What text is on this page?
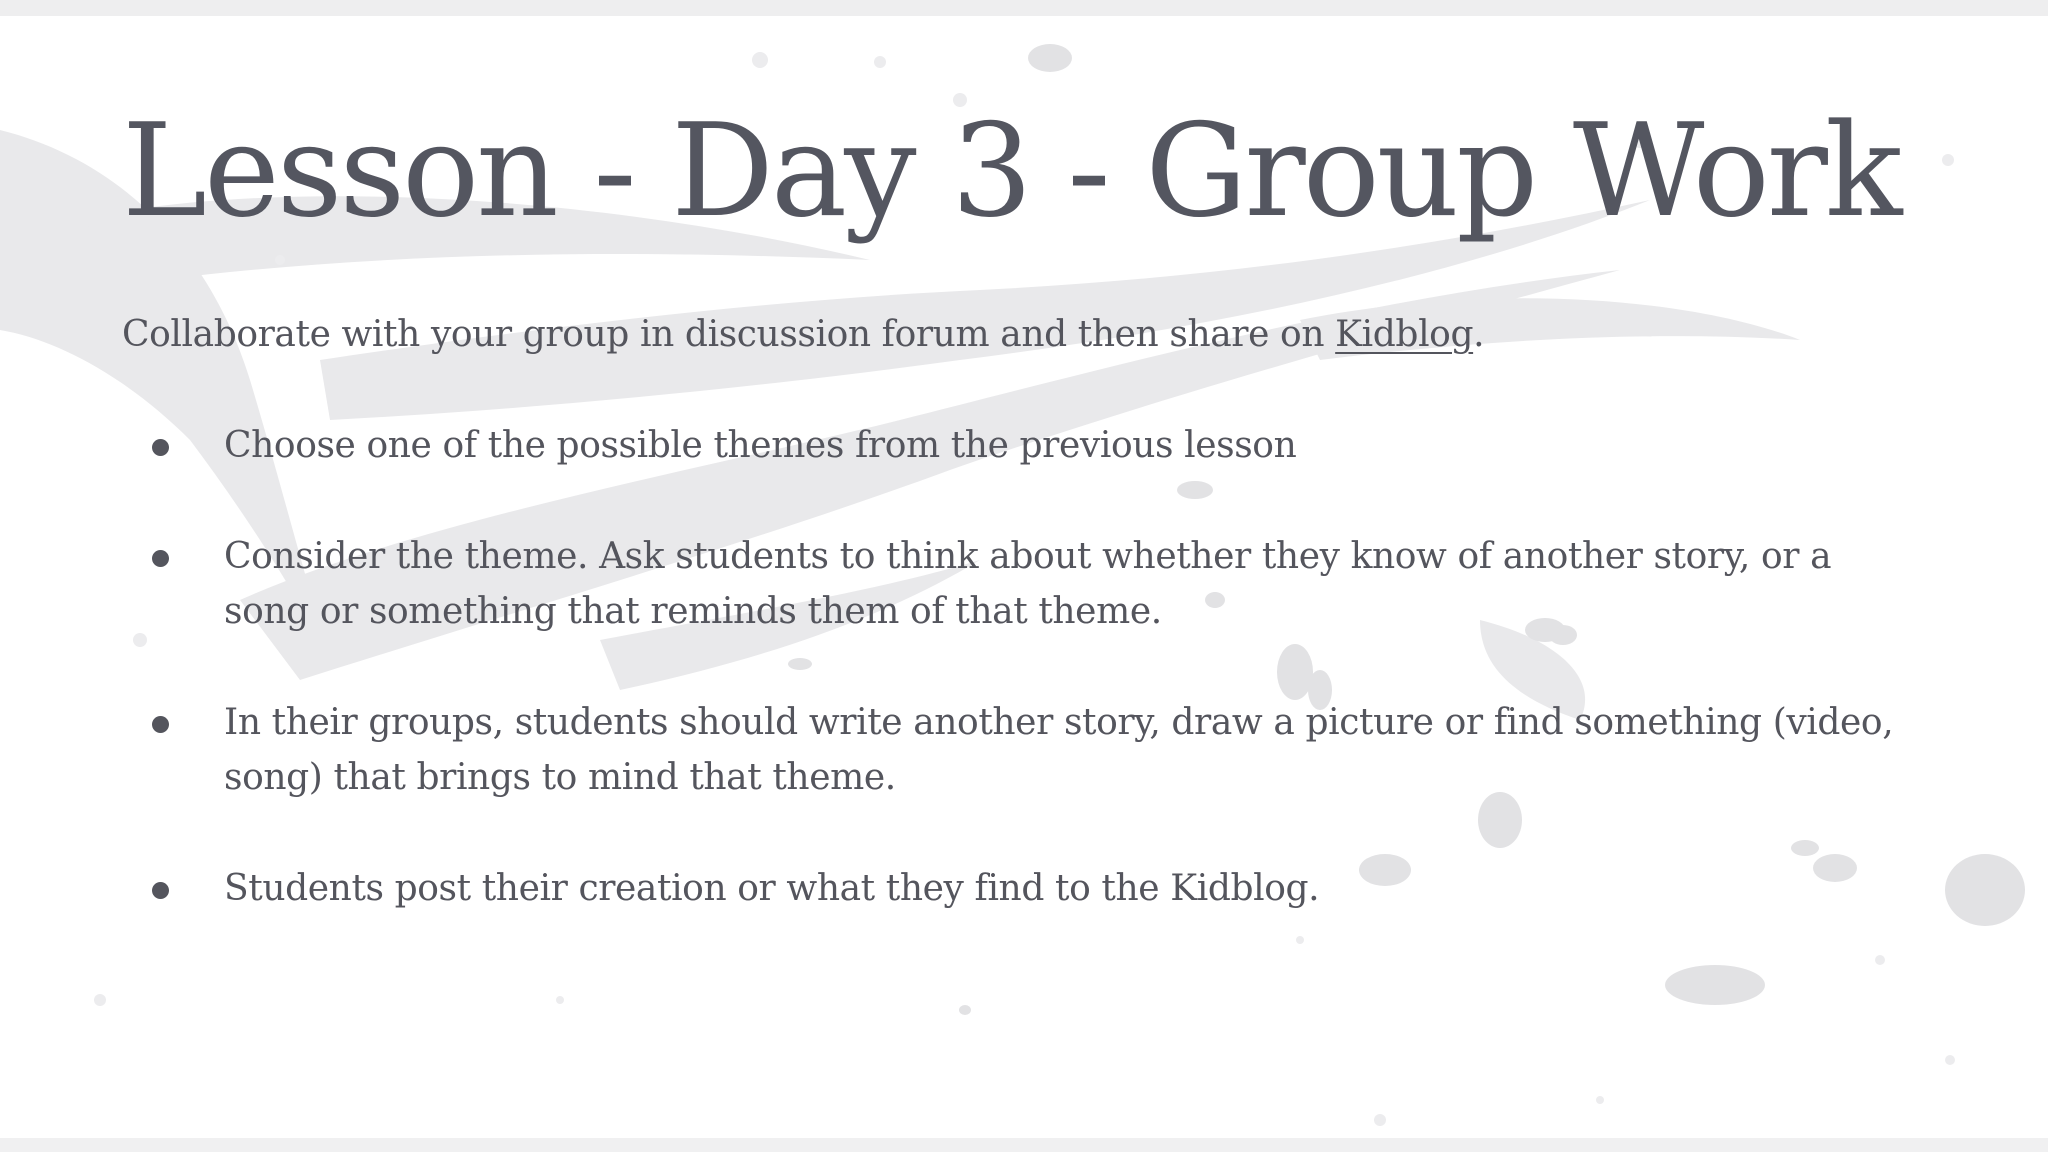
Lesson - Day 3 - Group Work

Collaborate with your group in discussion forum and then share on Kidblog.

Choose one of the possible themes from the previous lesson
Consider the theme. Ask students to think about whether they know of another story, or a song or something that reminds them of that theme.
In their groups, students should write another story, draw a picture or find something (video, song) that brings to mind that theme.
Students post their creation or what they find to the Kidblog.
